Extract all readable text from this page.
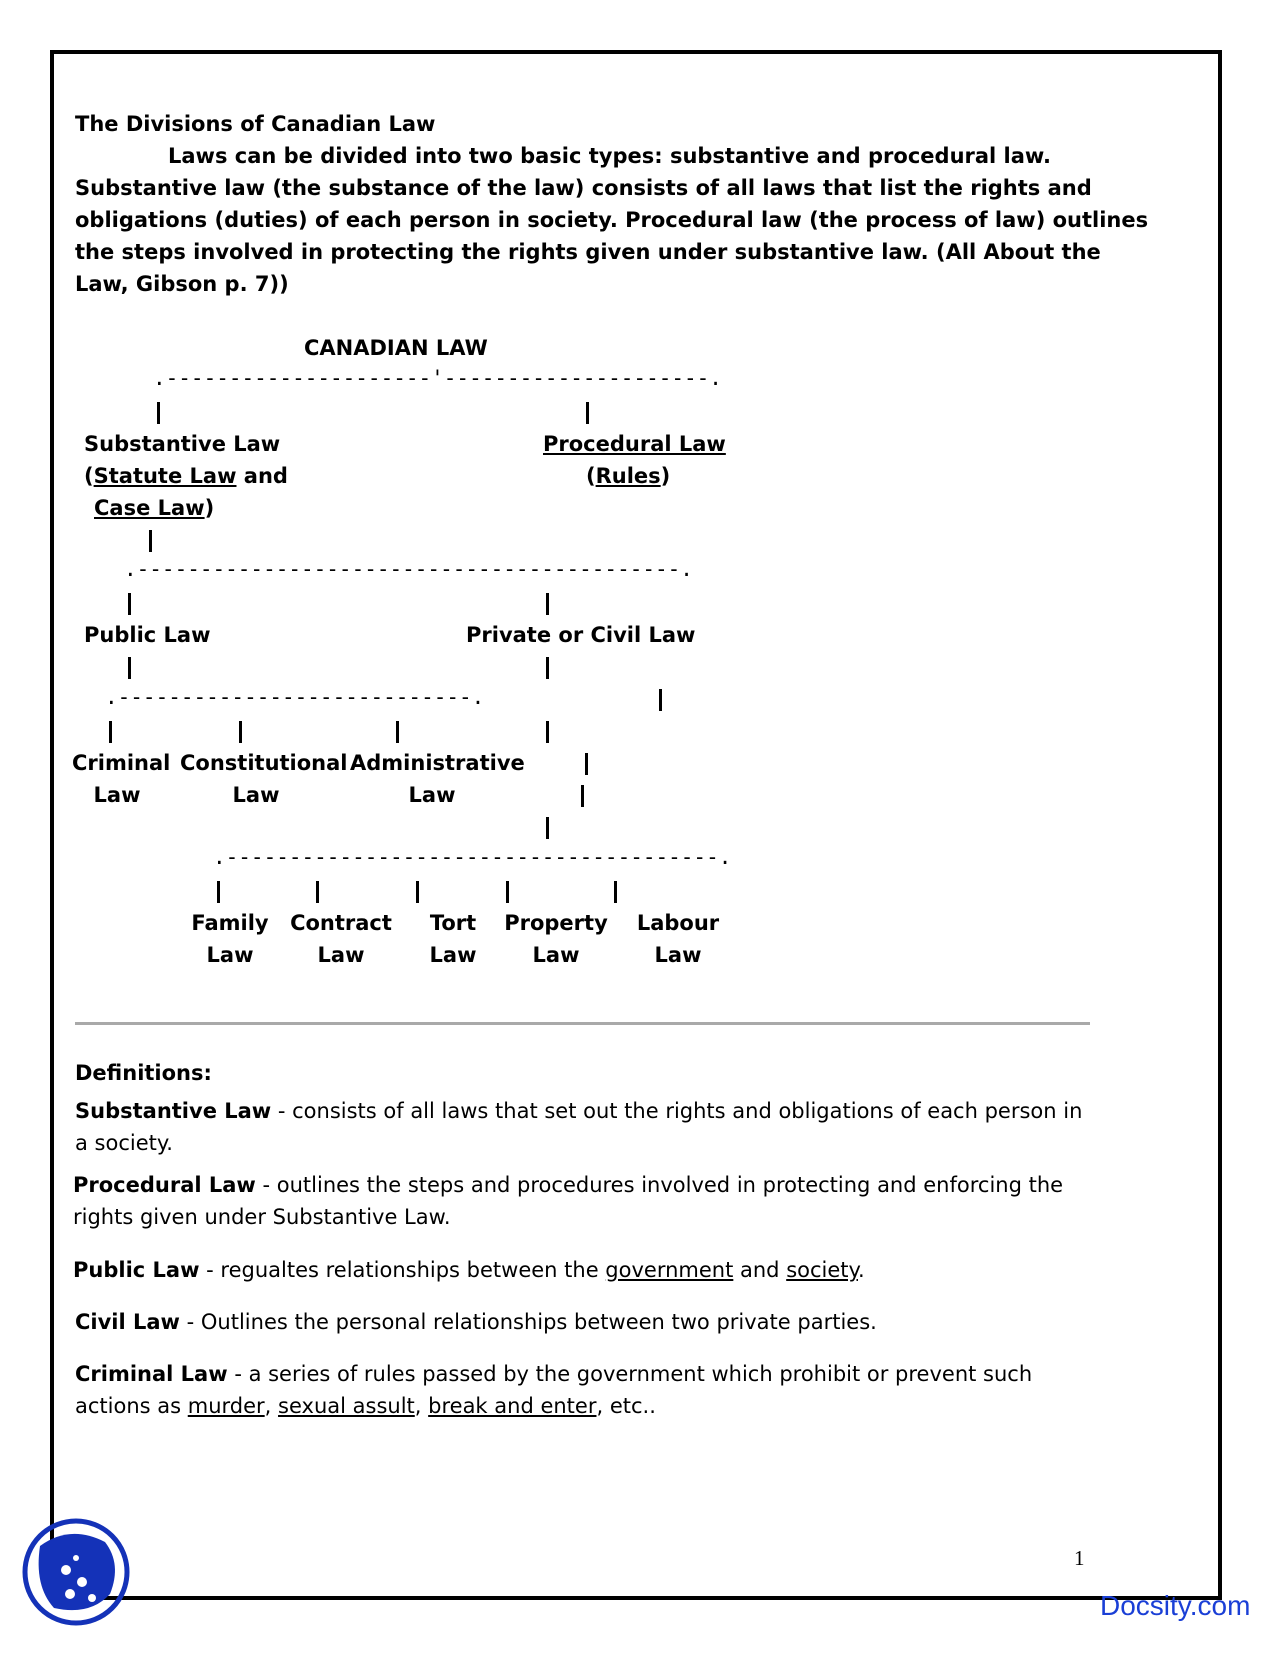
The Divisions of Canadian Law
Laws can be divided into two basic types: substantive and procedural law.
Substantive law (the substance of the law) consists of all laws that list the rights and
obligations (duties) of each person in society. Procedural law (the process of law) outlines
the steps involved in protecting the rights given under substantive law. (All About the
Law, Gibson p. 7))
CANADIAN LAW
.---------------------'---------------------.
Substantive Law
(Statute Law and
Case Law)
Procedural Law
(Rules)
.-------------------------------------------.
Public Law	Private or Civil Law
.----------------------------.
Criminal
Law
Constitutional
Law
Administrative
Law
.---------------------------------------.
Family
Law
Contract
Law
Tort
Law
Property
Law
Labour
Law
Definitions:
Substantive Law - consists of all laws that set out the rights and obligations of each person in
a society.
Procedural Law - outlines the steps and procedures involved in protecting and enforcing the
rights given under Substantive Law.
Public Law - regualtes relationships between the government and society.
Civil Law - Outlines the personal relationships between two private parties.
Criminal Law - a series of rules passed by the government which prohibit or prevent such
actions as murder, sexual assult, break and enter, etc..
1
Docsity.com
